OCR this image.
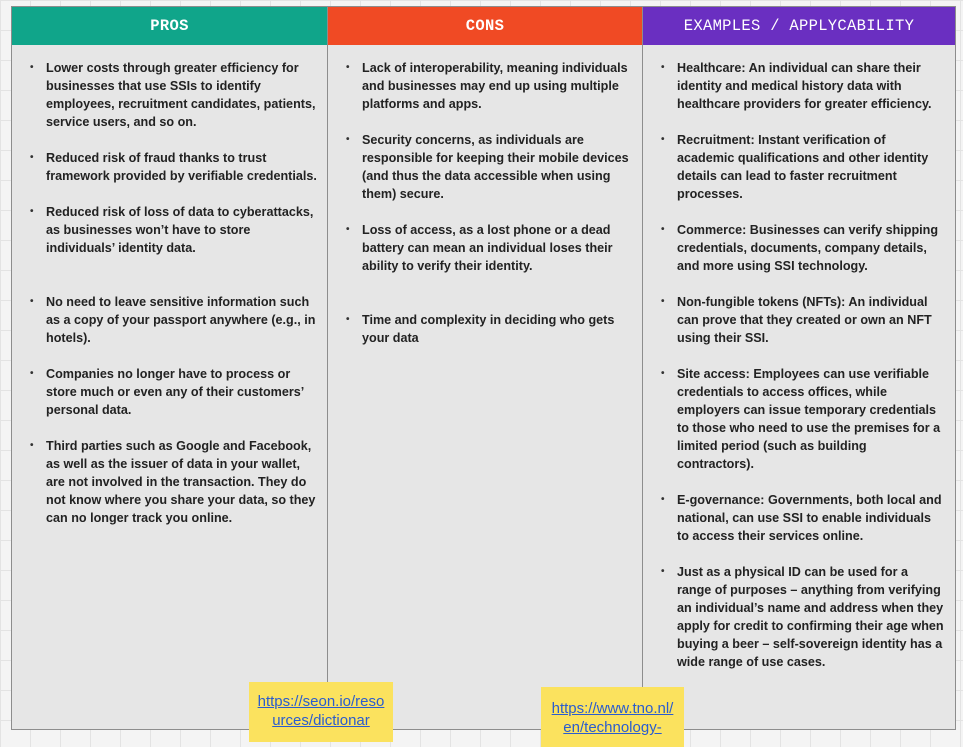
PROS
• Lower costs through greater efficiency for businesses that use SSIs to identify employees, recruitment candidates, patients, service users, and so on.
• Reduced risk of fraud thanks to trust framework provided by verifiable credentials.
• Reduced risk of loss of data to cyberattacks, as businesses won’t have to store individuals’ identity data.
• No need to leave sensitive information such as a copy of your passport anywhere (e.g., in hotels).
• Companies no longer have to process or store much or even any of their customers’ personal data.
• Third parties such as Google and Facebook, as well as the issuer of data in your wallet, are not involved in the transaction. They do not know where you share your data, so they can no longer track you online.
CONS
• Lack of interoperability, meaning individuals and businesses may end up using multiple platforms and apps.
• Security concerns, as individuals are responsible for keeping their mobile devices (and thus the data accessible when using them) secure.
• Loss of access, as a lost phone or a dead battery can mean an individual loses their ability to verify their identity.
• Time and complexity in deciding who gets your data
EXAMPLES / APPLYCABILITY
• Healthcare: An individual can share their identity and medical history data with healthcare providers for greater efficiency.
• Recruitment: Instant verification of academic qualifications and other identity details can lead to faster recruitment processes.
• Commerce: Businesses can verify shipping credentials, documents, company details, and more using SSI technology.
• Non-fungible tokens (NFTs): An individual can prove that they created or own an NFT using their SSI.
• Site access: Employees can use verifiable credentials to access offices, while employers can issue temporary credentials to those who need to use the premises for a limited period (such as building contractors).
• E-governance: Governments, both local and national, can use SSI to enable individuals to access their services online.
• Just as a physical ID can be used for a range of purposes – anything from verifying an individual’s name and address when they apply for credit to confirming their age when buying a beer – self-sovereign identity has a wide range of use cases.
https://seon.io/resources/dictionar
https://www.tno.nl/en/technology-
